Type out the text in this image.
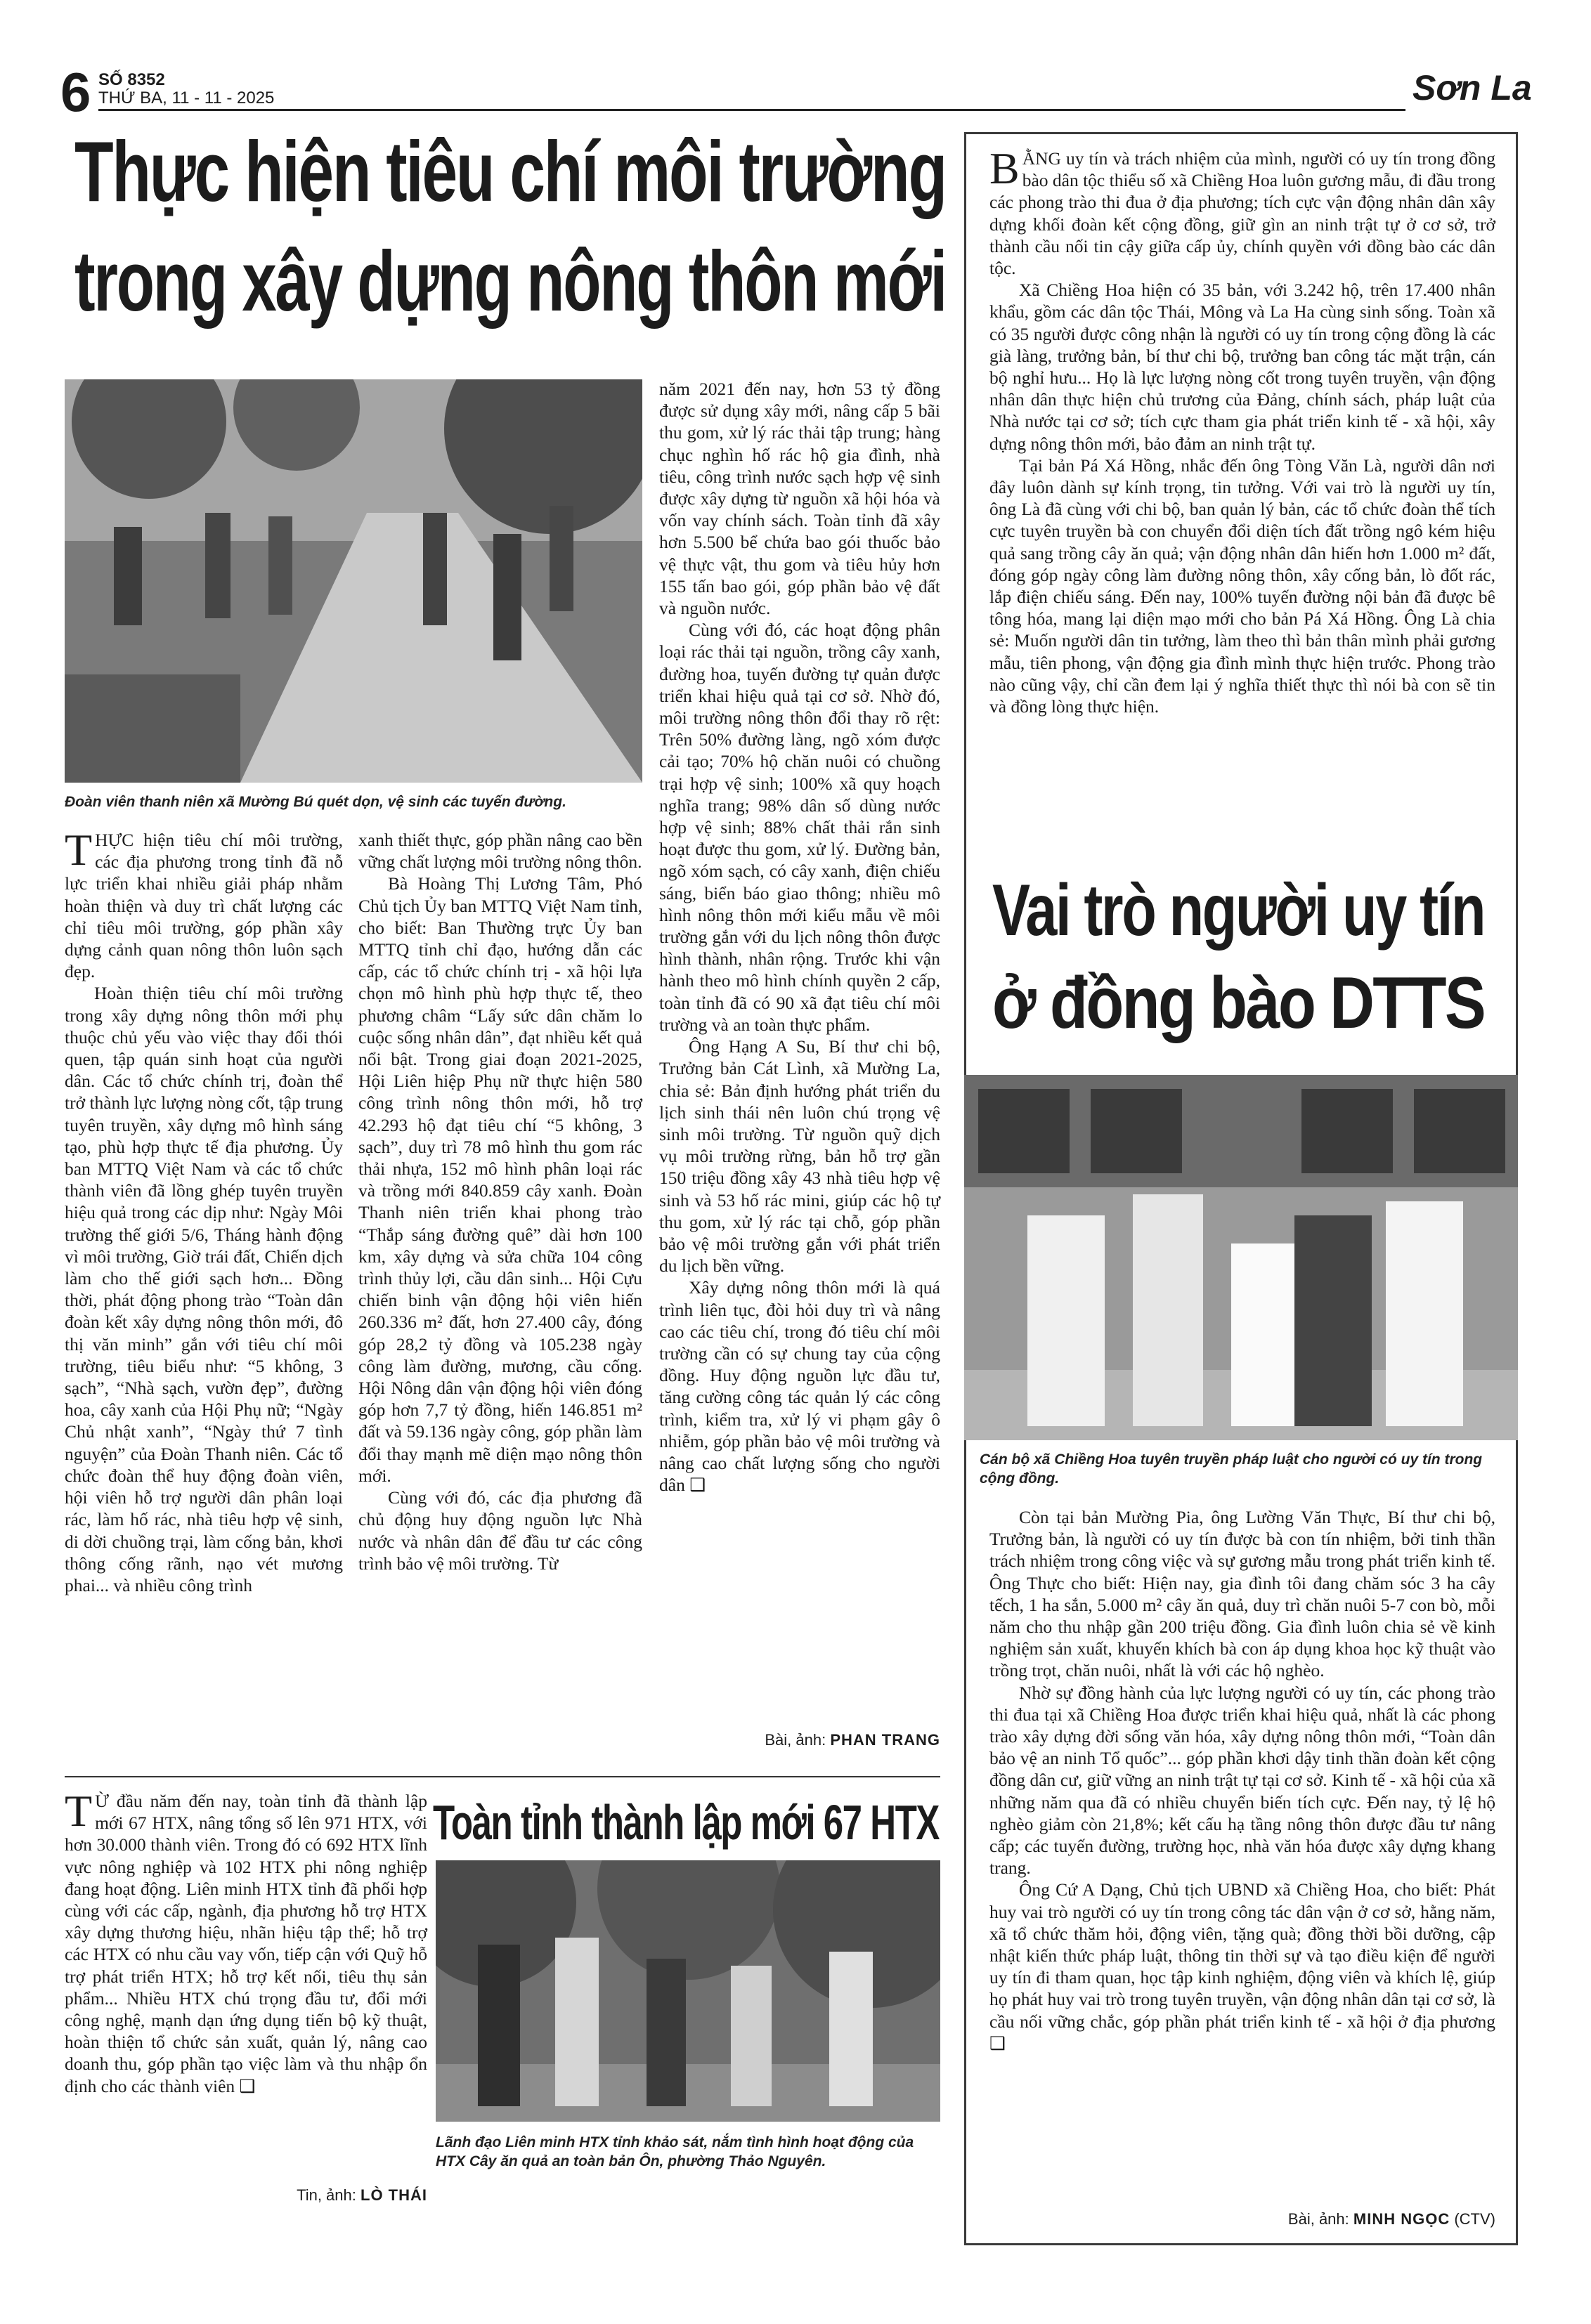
6 SỐ 8352
THỨ BA, 11 - 11 - 2025	Sơn La
Thực hiện tiêu chí môi trường
trong xây dựng nông thôn mới
Đoàn viên thanh niên xã Mường Bú quét dọn, vệ sinh các tuyến đường.

THỰC hiện tiêu chí môi trường, các địa phương trong tỉnh đã nỗ lực triển khai nhiều giải pháp nhằm hoàn thiện và duy trì chất lượng các chỉ tiêu môi trường, góp phần xây dựng cảnh quan nông thôn luôn sạch đẹp.

Hoàn thiện tiêu chí môi trường trong xây dựng nông thôn mới phụ thuộc chủ yếu vào việc thay đổi thói quen, tập quán sinh hoạt của người dân. Các tổ chức chính trị, đoàn thể trở thành lực lượng nòng cốt, tập trung tuyên truyền, xây dựng mô hình sáng tạo, phù hợp thực tế địa phương. Ủy ban MTTQ Việt Nam và các tổ chức thành viên đã lồng ghép tuyên truyền hiệu quả trong các dịp như: Ngày Môi trường thế giới 5/6, Tháng hành động vì môi trường, Giờ trái đất, Chiến dịch làm cho thế giới sạch hơn... Đồng thời, phát động phong trào “Toàn dân đoàn kết xây dựng nông thôn mới, đô thị văn minh” gắn với tiêu chí môi trường, tiêu biểu như: “5 không, 3 sạch”, “Nhà sạch, vườn đẹp”, đường hoa, cây xanh của Hội Phụ nữ; “Ngày Chủ nhật xanh”, “Ngày thứ 7 tình nguyện” của Đoàn Thanh niên. Các tổ chức đoàn thể huy động đoàn viên, hội viên hỗ trợ người dân phân loại rác, làm hố rác, nhà tiêu hợp vệ sinh, di dời chuồng trại, làm cống bản, khơi thông cống rãnh, nạo vét mương phai... và nhiều công trình

xanh thiết thực, góp phần nâng cao bền vững chất lượng môi trường nông thôn.

Bà Hoàng Thị Lương Tâm, Phó Chủ tịch Ủy ban MTTQ Việt Nam tỉnh, cho biết: Ban Thường trực Ủy ban MTTQ tỉnh chỉ đạo, hướng dẫn các cấp, các tổ chức chính trị - xã hội lựa chọn mô hình phù hợp thực tế, theo phương châm “Lấy sức dân chăm lo cuộc sống nhân dân”, đạt nhiều kết quả nổi bật. Trong giai đoạn 2021-2025, Hội Liên hiệp Phụ nữ thực hiện 580 công trình nông thôn mới, hỗ trợ 42.293 hộ đạt tiêu chí “5 không, 3 sạch”, duy trì 78 mô hình thu gom rác thải nhựa, 152 mô hình phân loại rác và trồng mới 840.859 cây xanh. Đoàn Thanh niên triển khai phong trào “Thắp sáng đường quê” dài hơn 100 km, xây dựng và sửa chữa 104 công trình thủy lợi, cầu dân sinh... Hội Cựu chiến binh vận động hội viên hiến 260.336 m² đất, hơn 27.400 cây, đóng góp 28,2 tỷ đồng và 105.238 ngày công làm đường, mương, cầu cống. Hội Nông dân vận động hội viên đóng góp hơn 7,7 tỷ đồng, hiến 146.851 m² đất và 59.136 ngày công, góp phần làm đổi thay mạnh mẽ diện mạo nông thôn mới.

Cùng với đó, các địa phương đã chủ động huy động nguồn lực Nhà nước và nhân dân để đầu tư các công trình bảo vệ môi trường. Từ

năm 2021 đến nay, hơn 53 tỷ đồng được sử dụng xây mới, nâng cấp 5 bãi thu gom, xử lý rác thải tập trung; hàng chục nghìn hố rác hộ gia đình, nhà tiêu, công trình nước sạch hợp vệ sinh được xây dựng từ nguồn xã hội hóa và vốn vay chính sách. Toàn tỉnh đã xây hơn 5.500 bể chứa bao gói thuốc bảo vệ thực vật, thu gom và tiêu hủy hơn 155 tấn bao gói, góp phần bảo vệ đất và nguồn nước.

Cùng với đó, các hoạt động phân loại rác thải tại nguồn, trồng cây xanh, đường hoa, tuyến đường tự quản được triển khai hiệu quả tại cơ sở. Nhờ đó, môi trường nông thôn đổi thay rõ rệt: Trên 50% đường làng, ngõ xóm được cải tạo; 70% hộ chăn nuôi có chuồng trại hợp vệ sinh; 100% xã quy hoạch nghĩa trang; 98% dân số dùng nước hợp vệ sinh; 88% chất thải rắn sinh hoạt được thu gom, xử lý. Đường bản, ngõ xóm sạch, có cây xanh, điện chiếu sáng, biển báo giao thông; nhiều mô hình nông thôn mới kiểu mẫu về môi trường gắn với du lịch nông thôn được hình thành, nhân rộng. Trước khi vận hành theo mô hình chính quyền 2 cấp, toàn tỉnh đã có 90 xã đạt tiêu chí môi trường và an toàn thực phẩm.

Ông Hạng A Su, Bí thư chi bộ, Trưởng bản Cát Lình, xã Mường La, chia sẻ: Bản định hướng phát triển du lịch sinh thái nên luôn chú trọng vệ sinh môi trường. Từ nguồn quỹ dịch vụ môi trường rừng, bản hỗ trợ gần 150 triệu đồng xây 43 nhà tiêu hợp vệ sinh và 53 hố rác mini, giúp các hộ tự thu gom, xử lý rác tại chỗ, góp phần bảo vệ môi trường gắn với phát triển du lịch bền vững.

Xây dựng nông thôn mới là quá trình liên tục, đòi hỏi duy trì và nâng cao các tiêu chí, trong đó tiêu chí môi trường cần có sự chung tay của cộng đồng. Huy động nguồn lực đầu tư, tăng cường công tác quản lý các công trình, kiểm tra, xử lý vi phạm gây ô nhiễm, góp phần bảo vệ môi trường và nâng cao chất lượng sống cho người dân ❑

Bài, ảnh: PHAN TRANG

T Ừ đầu năm đến nay, toàn tỉnh đã thành lập mới 67 HTX, nâng tổng số lên 971 HTX, với hơn 30.000 thành viên. Trong đó có 692 HTX lĩnh vực nông nghiệp và 102 HTX phi nông nghiệp đang hoạt động. Liên minh HTX tỉnh đã phối hợp cùng với các cấp, ngành, địa phương hỗ trợ HTX xây dựng thương hiệu, nhãn hiệu tập thể; hỗ trợ các HTX có nhu cầu vay vốn, tiếp cận với Quỹ hỗ trợ phát triển HTX; hỗ trợ kết nối, tiêu thụ sản phẩm... Nhiều HTX chú trọng đầu tư, đổi mới công nghệ, mạnh dạn ứng dụng tiến bộ kỹ thuật, hoàn thiện tổ chức sản xuất, quản lý, nâng cao doanh thu, góp phần tạo việc làm và thu nhập ổn định cho các thành viên ❑

Tin, ảnh: LÒ THÁI
Toàn tỉnh thành lập mới 67 HTX
Lãnh đạo Liên minh HTX tỉnh khảo sát, nắm tình hình hoạt động của HTX Cây ăn quả an toàn bản Ôn, phường Thảo Nguyên.

BẰNG uy tín và trách nhiệm của mình, người có uy tín trong đồng bào dân tộc thiểu số xã Chiềng Hoa luôn gương mẫu, đi đầu trong các phong trào thi đua ở địa phương; tích cực vận động nhân dân xây dựng khối đoàn kết cộng đồng, giữ gìn an ninh trật tự ở cơ sở, trở thành cầu nối tin cậy giữa cấp ủy, chính quyền với đồng bào các dân tộc.

Xã Chiềng Hoa hiện có 35 bản, với 3.242 hộ, trên 17.400 nhân khẩu, gồm các dân tộc Thái, Mông và La Ha cùng sinh sống. Toàn xã có 35 người được công nhận là người có uy tín trong cộng đồng là các già làng, trưởng bản, bí thư chi bộ, trưởng ban công tác mặt trận, cán bộ nghỉ hưu... Họ là lực lượng nòng cốt trong tuyên truyền, vận động nhân dân thực hiện chủ trương của Đảng, chính sách, pháp luật của Nhà nước tại cơ sở; tích cực tham gia phát triển kinh tế - xã hội, xây dựng nông thôn mới, bảo đảm an ninh trật tự.

Tại bản Pá Xá Hồng, nhắc đến ông Tòng Văn Là, người dân nơi đây luôn dành sự kính trọng, tin tưởng. Với vai trò là người uy tín, ông Là đã cùng với chi bộ, ban quản lý bản, các tổ chức đoàn thể tích cực tuyên truyền bà con chuyển đổi diện tích đất trồng ngô kém hiệu quả sang trồng cây ăn quả; vận động nhân dân hiến hơn 1.000 m² đất, đóng góp ngày công làm đường nông thôn, xây cống bản, lò đốt rác, lắp điện chiếu sáng. Đến nay, 100% tuyến đường nội bản đã được bê tông hóa, mang lại diện mạo mới cho bản Pá Xá Hồng. Ông Là chia sẻ: Muốn người dân tin tưởng, làm theo thì bản thân mình phải gương mẫu, tiên phong, vận động gia đình mình thực hiện trước. Phong trào nào cũng vậy, chỉ cần đem lại ý nghĩa thiết thực thì nói bà con sẽ tin và đồng lòng thực hiện.

Vai trò người uy tín
ở đồng bào DTTS
Cán bộ xã Chiềng Hoa tuyên truyền pháp luật cho người có uy tín trong cộng đồng.

Còn tại bản Mường Pia, ông Lường Văn Thực, Bí thư chi bộ, Trưởng bản, là người có uy tín được bà con tín nhiệm, bởi tinh thần trách nhiệm trong công việc và sự gương mẫu trong phát triển kinh tế. Ông Thực cho biết: Hiện nay, gia đình tôi đang chăm sóc 3 ha cây tếch, 1 ha sắn, 5.000 m² cây ăn quả, duy trì chăn nuôi 5-7 con bò, mỗi năm cho thu nhập gần 200 triệu đồng. Gia đình luôn chia sẻ về kinh nghiệm sản xuất, khuyến khích bà con áp dụng khoa học kỹ thuật vào trồng trọt, chăn nuôi, nhất là với các hộ nghèo.

Nhờ sự đồng hành của lực lượng người có uy tín, các phong trào thi đua tại xã Chiềng Hoa được triển khai hiệu quả, nhất là các phong trào xây dựng đời sống văn hóa, xây dựng nông thôn mới, “Toàn dân bảo vệ an ninh Tổ quốc”... góp phần khơi dậy tinh thần đoàn kết cộng đồng dân cư, giữ vững an ninh trật tự tại cơ sở. Kinh tế - xã hội của xã những năm qua đã có nhiều chuyển biến tích cực. Đến nay, tỷ lệ hộ nghèo giảm còn 21,8%; kết cấu hạ tầng nông thôn được đầu tư nâng cấp; các tuyến đường, trường học, nhà văn hóa được xây dựng khang trang.

Ông Cứ A Dạng, Chủ tịch UBND xã Chiềng Hoa, cho biết: Phát huy vai trò người có uy tín trong công tác dân vận ở cơ sở, hằng năm, xã tổ chức thăm hỏi, động viên, tặng quà; đồng thời bồi dưỡng, cập nhật kiến thức pháp luật, thông tin thời sự và tạo điều kiện để người uy tín đi tham quan, học tập kinh nghiệm, động viên và khích lệ, giúp họ phát huy vai trò trong tuyên truyền, vận động nhân dân tại cơ sở, là cầu nối vững chắc, góp phần phát triển kinh tế - xã hội ở địa phương ❑

Bài, ảnh: MINH NGỌC (CTV)
